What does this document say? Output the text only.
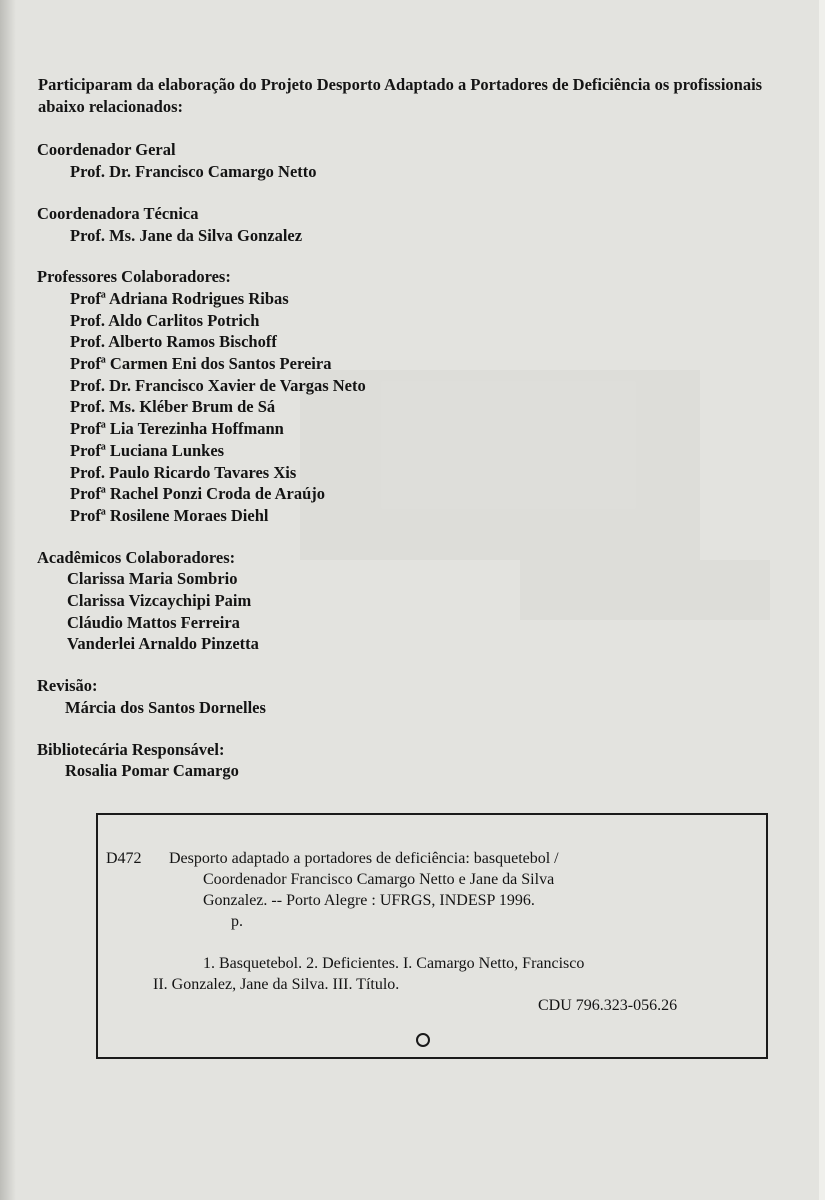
Participaram da elaboração do Projeto Desporto Adaptado a Portadores de Deficiência os profissionais abaixo relacionados:
Coordenador Geral
Prof. Dr. Francisco Camargo Netto
Coordenadora Técnica
Prof. Ms. Jane da Silva Gonzalez
Professores Colaboradores:
Profª Adriana Rodrigues Ribas
Prof. Aldo Carlitos Potrich
Prof. Alberto Ramos Bischoff
Profª Carmen Eni dos Santos Pereira
Prof. Dr. Francisco Xavier de Vargas Neto
Prof. Ms. Kléber Brum de Sá
Profª Lia Terezinha Hoffmann
Profª Luciana Lunkes
Prof. Paulo Ricardo Tavares Xis
Profª Rachel Ponzi Croda de Araújo
Profª Rosilene Moraes Diehl
Acadêmicos Colaboradores:
Clarissa Maria Sombrio
Clarissa Vizcaychipi Paim
Cláudio Mattos Ferreira
Vanderlei Arnaldo Pinzetta
Revisão:
Márcia dos Santos Dornelles
Bibliotecária Responsável:
Rosalia Pomar Camargo
D472 Desporto adaptado a portadores de deficiência: basquetebol /
Coordenador Francisco Camargo Netto e Jane da Silva
Gonzalez. -- Porto Alegre : UFRGS, INDESP 1996.
p.
1. Basquetebol. 2. Deficientes. I. Camargo Netto, Francisco
II. Gonzalez, Jane da Silva. III. Título.
CDU 796.323-056.26
